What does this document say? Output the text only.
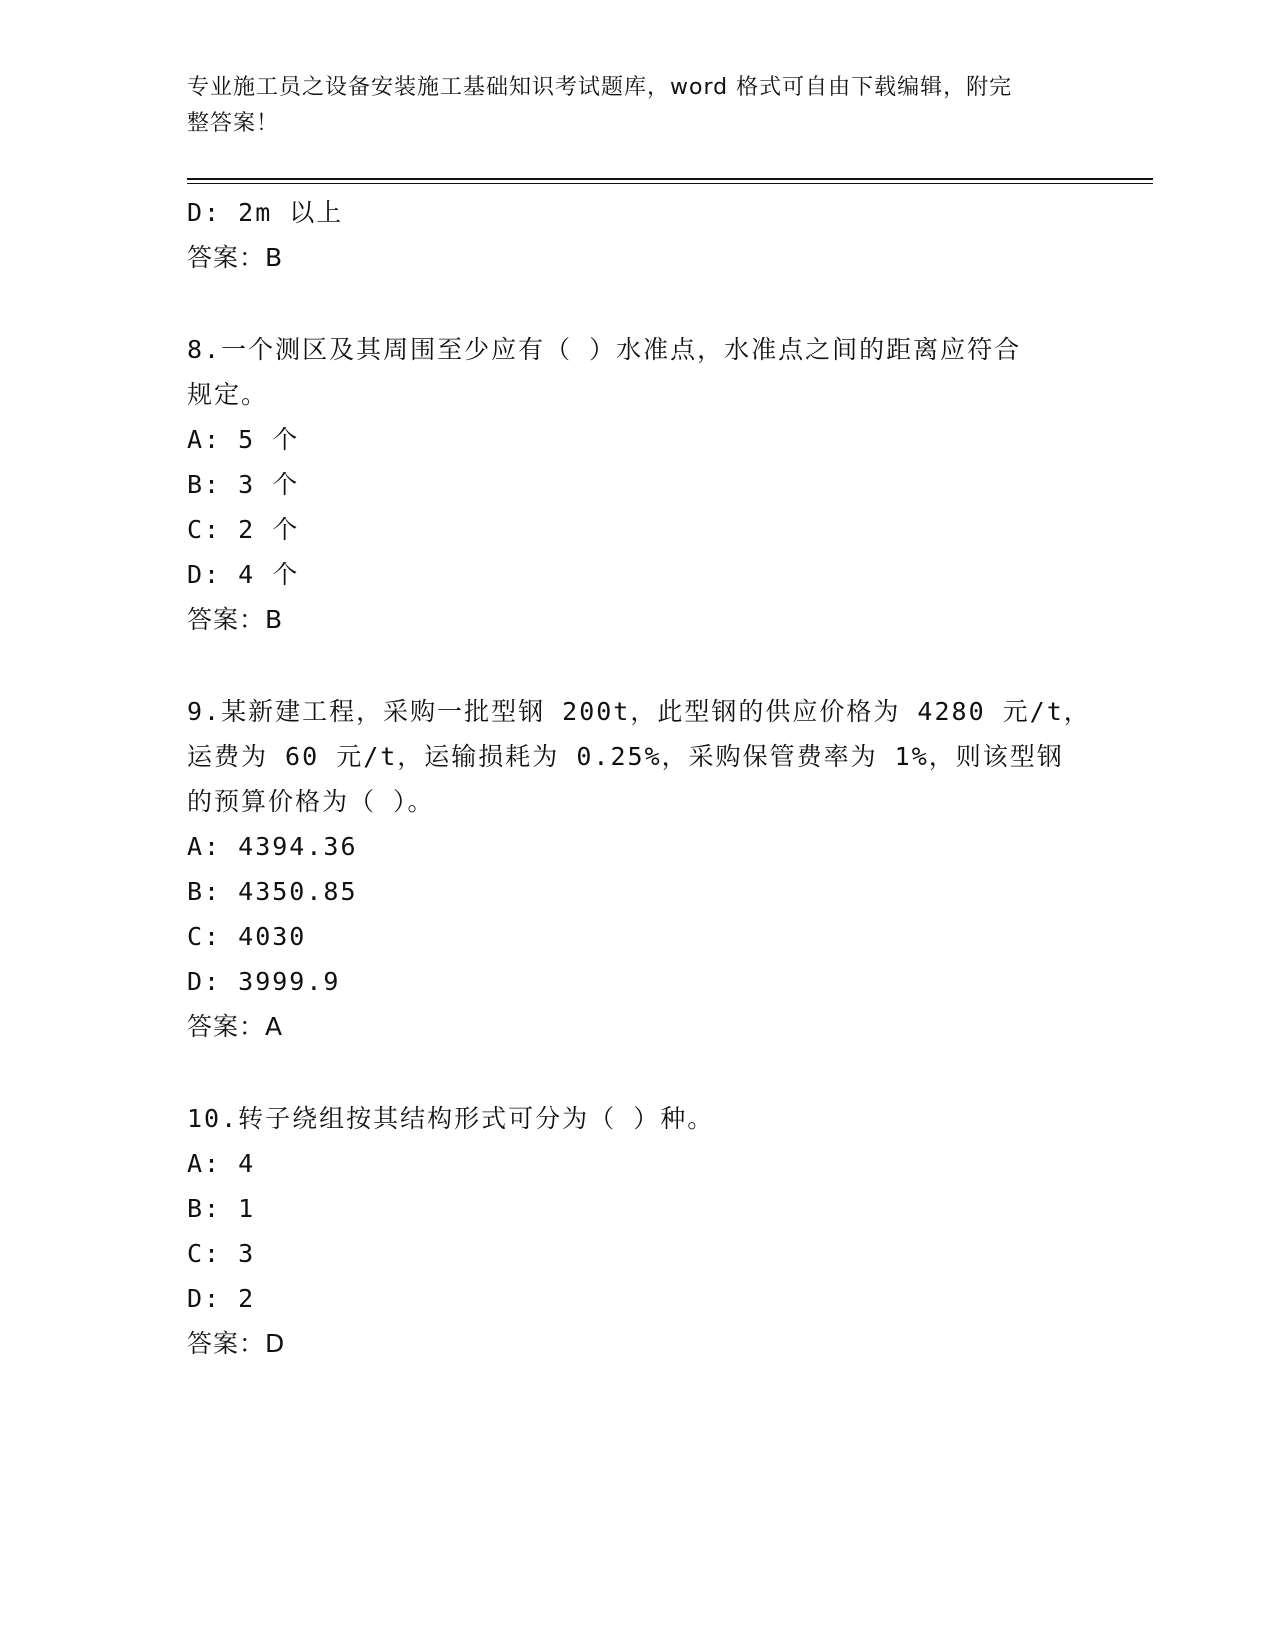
专业施工员之设备安装施工基础知识考试题库，word 格式可自由下载编辑，附完
整答案！
D: 2m 以上
答案：B
8.一个测区及其周围至少应有（ ）水准点，水准点之间的距离应符合
规定。
A: 5 个
B: 3 个
C: 2 个
D: 4 个
答案：B
9.某新建工程，采购一批型钢 200t，此型钢的供应价格为 4280 元/t，
运费为 60 元/t，运输损耗为 0.25%，采购保管费率为 1%，则该型钢
的预算价格为（ ）。
A: 4394.36
B: 4350.85
C: 4030
D: 3999.9
答案：A
10.转子绕组按其结构形式可分为（ ）种。
A: 4
B: 1
C: 3
D: 2
答案：D
